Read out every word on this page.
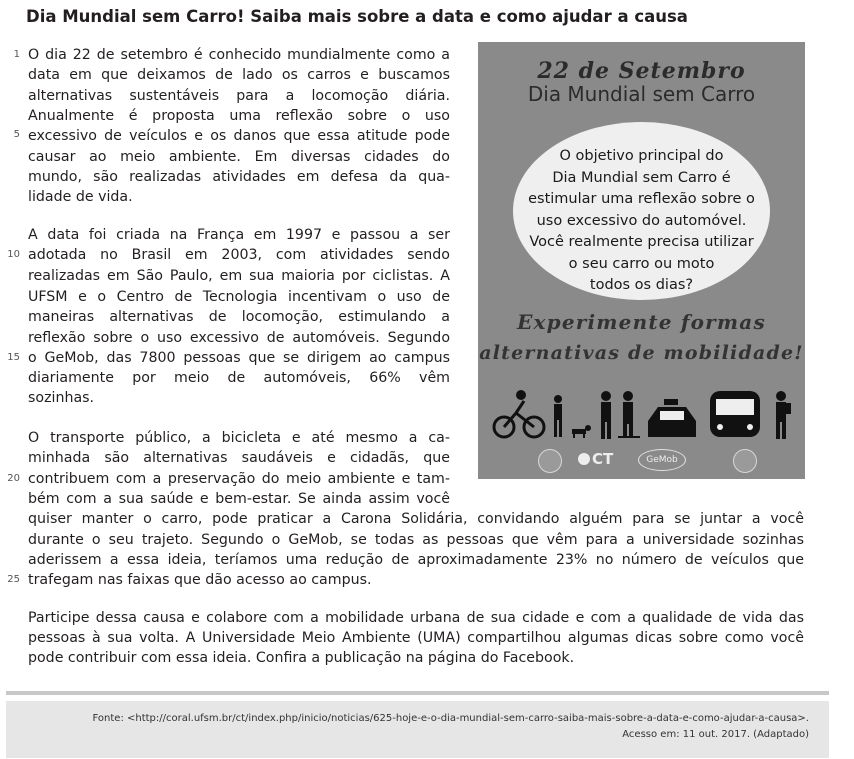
Dia Mundial sem Carro! Saiba mais sobre a data e como ajudar a causa
1
5
10
15
20
25
O dia 22 de setembro é conhecido mundialmente como a
data em que deixamos de lado os carros e buscamos
alternativas sustentáveis para a locomoção diária.
Anualmente é proposta uma reflexão sobre o uso
excessivo de veículos e os danos que essa atitude pode
causar ao meio ambiente. Em diversas cidades do
mundo, são realizadas atividades em defesa da qua-
lidade de vida.
A data foi criada na França em 1997 e passou a ser
adotada no Brasil em 2003, com atividades sendo
realizadas em São Paulo, em sua maioria por ciclistas. A
UFSM e o Centro de Tecnologia incentivam o uso de
maneiras alternativas de locomoção, estimulando a
reflexão sobre o uso excessivo de automóveis. Segundo
o GeMob, das 7800 pessoas que se dirigem ao campus
diariamente por meio de automóveis, 66% vêm
sozinhas.
O transporte público, a bicicleta e até mesmo a ca-
minhada são alternativas saudáveis e cidadãs, que
contribuem com a preservação do meio ambiente e tam-
bém com a sua saúde e bem-estar. Se ainda assim você
quiser manter o carro, pode praticar a Carona Solidária, convidando alguém para se juntar a você
durante o seu trajeto. Segundo o GeMob, se todas as pessoas que vêm para a universidade sozinhas
aderissem a essa ideia, teríamos uma redução de aproximadamente 23% no número de veículos que
trafegam nas faixas que dão acesso ao campus.
Participe dessa causa e colabore com a mobilidade urbana de sua cidade e com a qualidade de vida das
pessoas à sua volta. A Universidade Meio Ambiente (UMA) compartilhou algumas dicas sobre como você
pode contribuir com essa ideia. Confira a publicação na página do Facebook.
22 de Setembro
Dia Mundial sem Carro
O objetivo principal do
Dia Mundial sem Carro é
estimular uma reflexão sobre o
uso excessivo do automóvel.
Você realmente precisa utilizar
o seu carro ou moto
todos os dias?
Experimente formas
alternativas de mobilidade!
CT	GeMob
Fonte: <http://coral.ufsm.br/ct/index.php/inicio/noticias/625-hoje-e-o-dia-mundial-sem-carro-saiba-mais-sobre-a-data-e-como-ajudar-a-causa>.
Acesso em: 11 out. 2017. (Adaptado)
